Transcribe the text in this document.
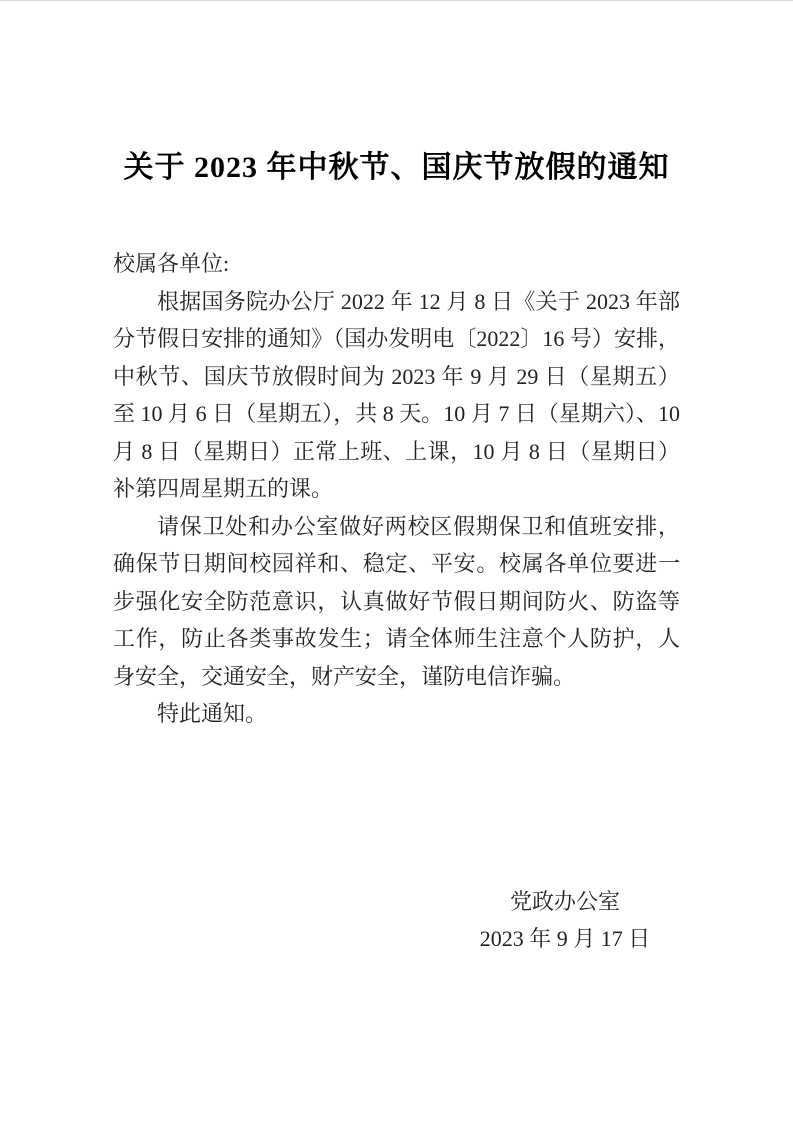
关于 2023 年中秋节、国庆节放假的通知

校属各单位:

根据国务院办公厅 2022 年 12 月 8 日《关于 2023 年部分节假日安排的通知》（国办发明电〔2022〕16 号）安排，中秋节、国庆节放假时间为 2023 年 9 月 29 日（星期五）至 10 月 6 日（星期五），共 8 天。10 月 7 日（星期六）、10 月 8 日（星期日）正常上班、上课，10 月 8 日（星期日）补第四周星期五的课。

请保卫处和办公室做好两校区假期保卫和值班安排，确保节日期间校园祥和、稳定、平安。校属各单位要进一步强化安全防范意识，认真做好节假日期间防火、防盗等工作，防止各类事故发生；请全体师生注意个人防护，人身安全，交通安全，财产安全，谨防电信诈骗。

特此通知。

党政办公室
2023 年 9 月 17 日
